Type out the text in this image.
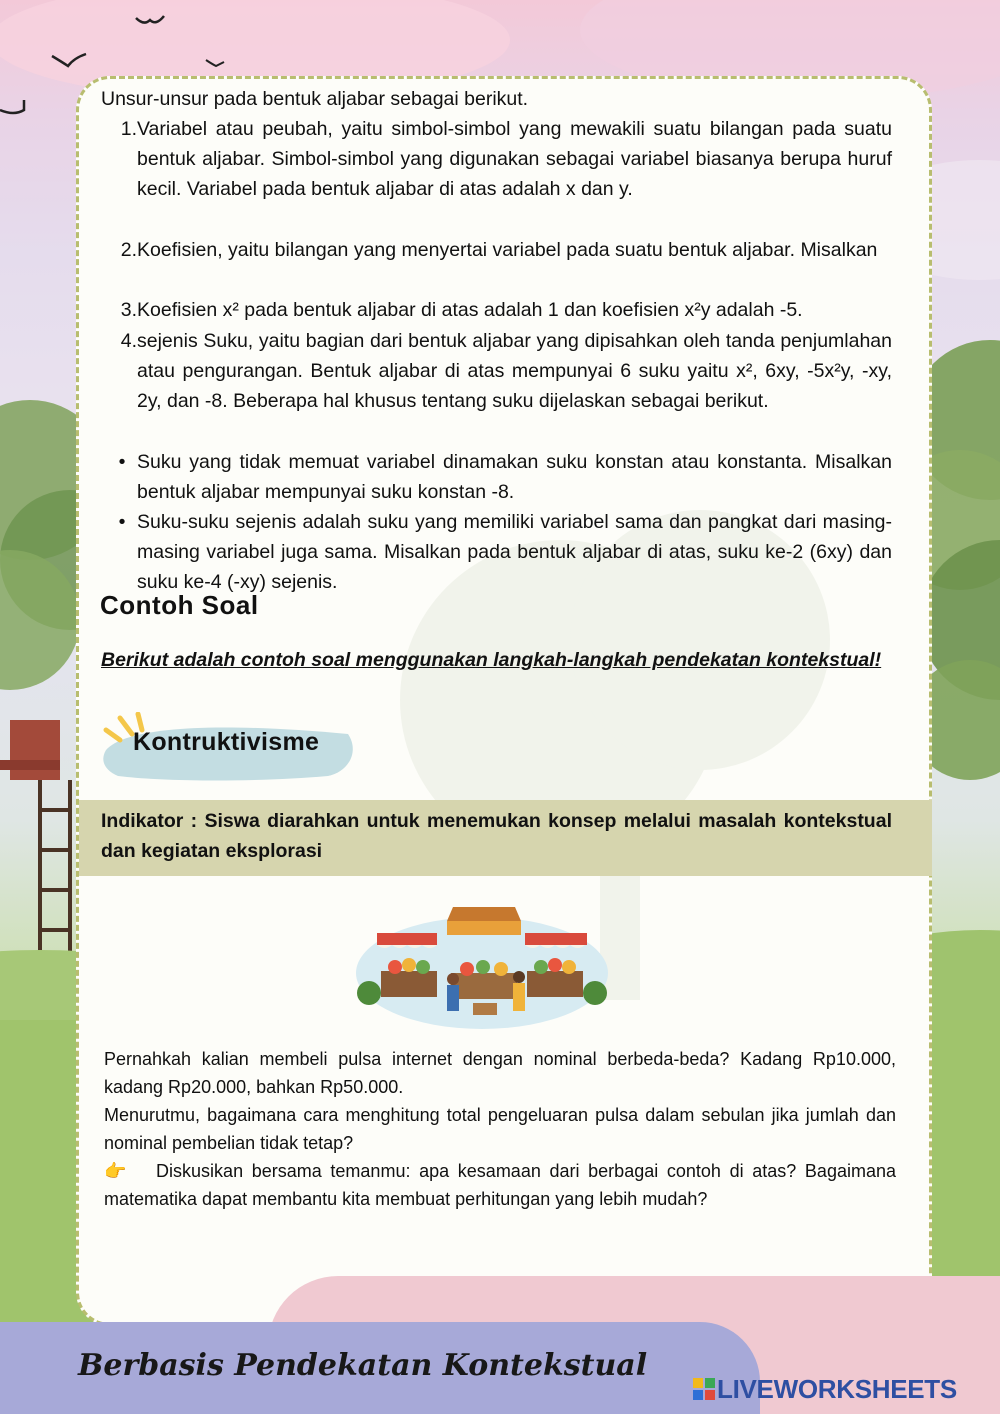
Unsur-unsur pada bentuk aljabar sebagai berikut.

1. Variabel atau peubah, yaitu simbol-simbol yang mewakili suatu bilangan pada suatu bentuk aljabar. Simbol-simbol yang digunakan sebagai variabel biasanya berupa huruf kecil. Variabel pada bentuk aljabar di atas adalah x dan y.
2. Koefisien, yaitu bilangan yang menyertai variabel pada suatu bentuk aljabar. Misalkan
3. Koefisien x² pada bentuk aljabar di atas adalah 1 dan koefisien x²y adalah -5.
4. sejenis Suku, yaitu bagian dari bentuk aljabar yang dipisahkan oleh tanda penjumlahan atau pengurangan. Bentuk aljabar di atas mempunyai 6 suku yaitu x², 6xy, -5x²y, -xy, 2y, dan -8. Beberapa hal khusus tentang suku dijelaskan sebagai berikut.
• Suku yang tidak memuat variabel dinamakan suku konstan atau konstanta. Misalkan bentuk aljabar mempunyai suku konstan -8.
• Suku-suku sejenis adalah suku yang memiliki variabel sama dan pangkat dari masing-masing variabel juga sama. Misalkan pada bentuk aljabar di atas, suku ke-2 (6xy) dan suku ke-4 (-xy) sejenis.
Contoh Soal
Berikut adalah contoh soal menggunakan langkah-langkah pendekatan kontekstual!
Kontruktivisme
Indikator : Siswa diarahkan untuk menemukan konsep melalui masalah kontekstual dan kegiatan eksplorasi
Pernahkah kalian membeli pulsa internet dengan nominal berbeda-beda? Kadang Rp10.000, kadang Rp20.000, bahkan Rp50.000.
Menurutmu, bagaimana cara menghitung total pengeluaran pulsa dalam sebulan jika jumlah dan nominal pembelian tidak tetap?
👉 Diskusikan bersama temanmu: apa kesamaan dari berbagai contoh di atas? Bagaimana matematika dapat membantu kita membuat perhitungan yang lebih mudah?
Berbasis Pendekatan Kontekstual
LIVEWORKSHEETS
